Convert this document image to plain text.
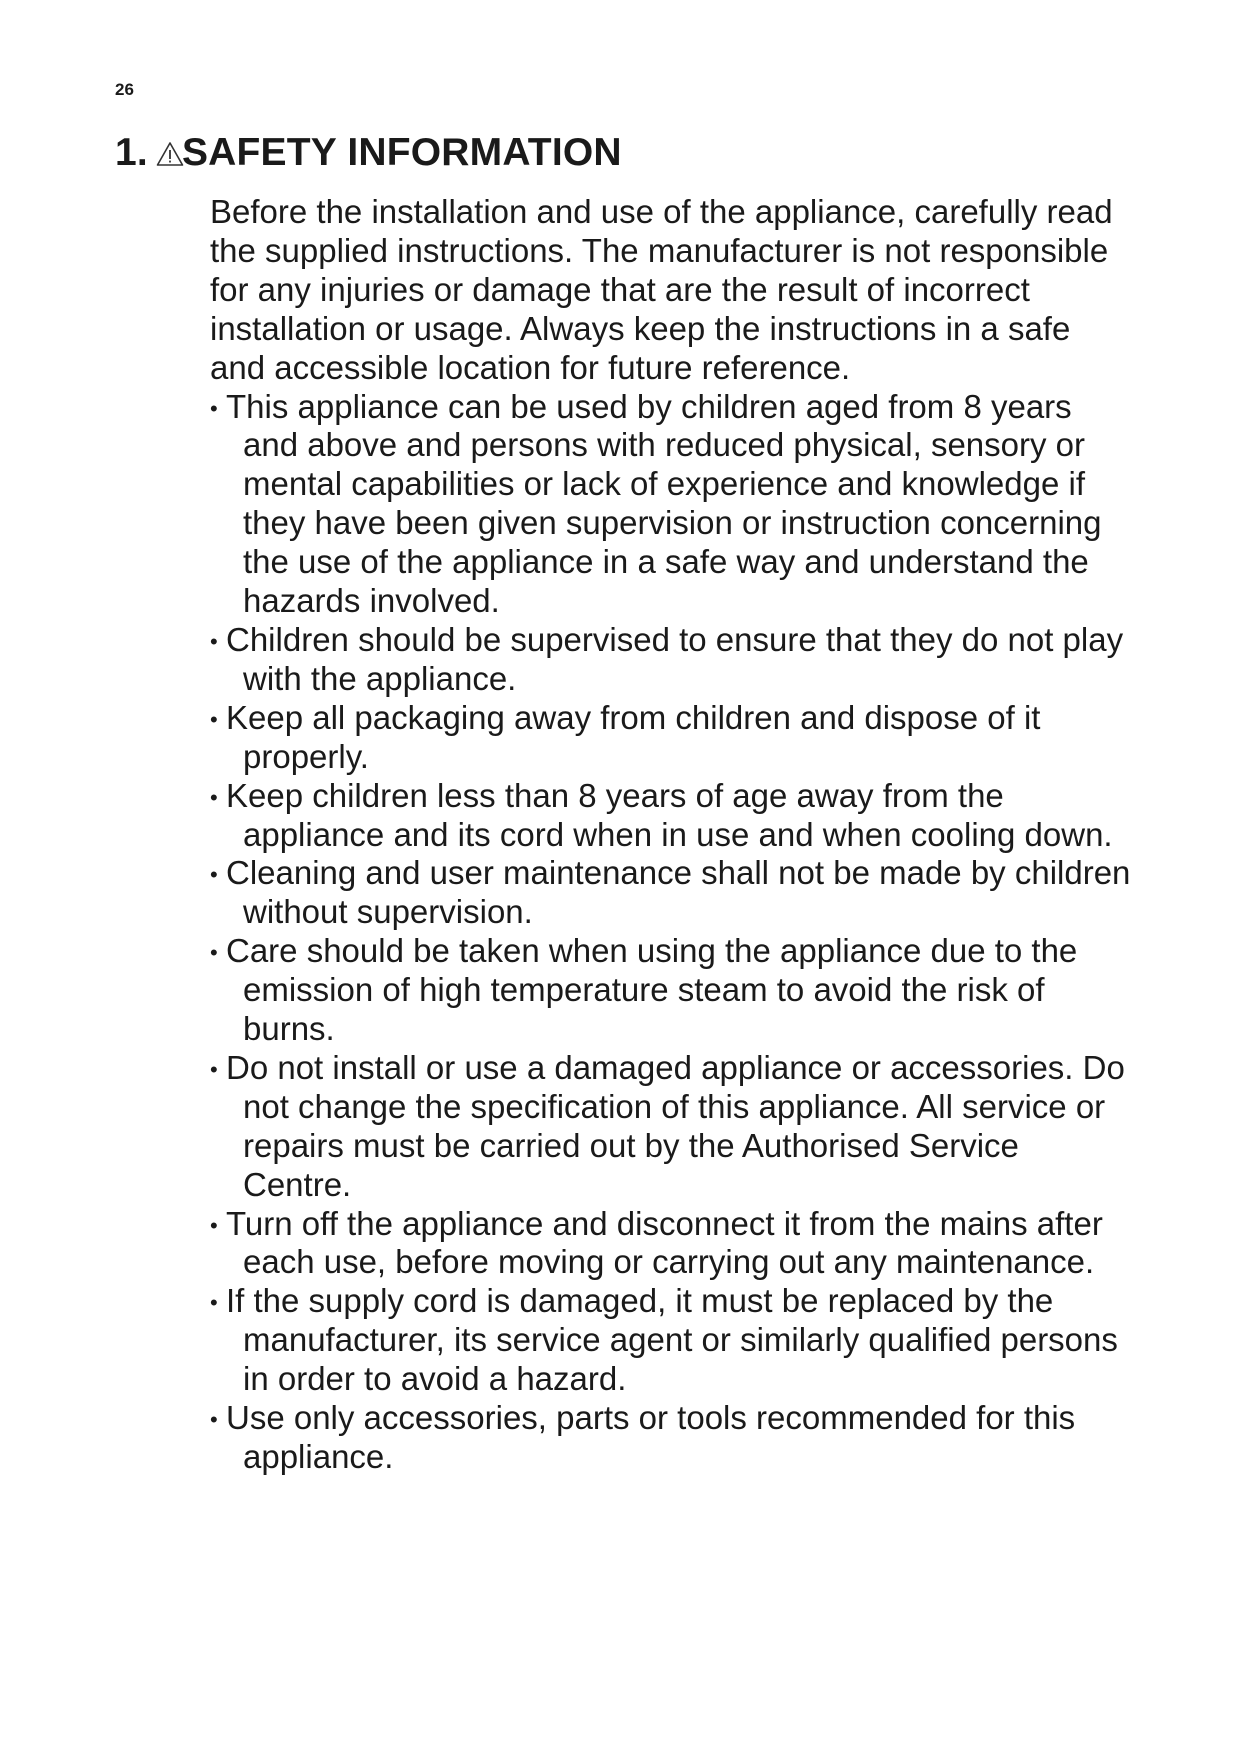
26
1. SAFETY INFORMATION

Before the installation and use of the appliance, carefully read the supplied instructions. The manufacturer is not responsible for any injuries or damage that are the result of incorrect installation or usage. Always keep the instructions in a safe and accessible location for future reference.

• This appliance can be used by children aged from 8 years and above and persons with reduced physical, sensory or mental capabilities or lack of experience and knowledge if they have been given supervision or instruction concerning the use of the appliance in a safe way and understand the hazards involved.
• Children should be supervised to ensure that they do not play with the appliance.
• Keep all packaging away from children and dispose of it properly.
• Keep children less than 8 years of age away from the appliance and its cord when in use and when cooling down.
• Cleaning and user maintenance shall not be made by children without supervision.
• Care should be taken when using the appliance due to the emission of high temperature steam to avoid the risk of burns.
• Do not install or use a damaged appliance or accessories. Do not change the specification of this appliance. All service or repairs must be carried out by the Authorised Service Centre.
• Turn off the appliance and disconnect it from the mains after each use, before moving or carrying out any maintenance.
• If the supply cord is damaged, it must be replaced by the manufacturer, its service agent or similarly qualified persons in order to avoid a hazard.
• Use only accessories, parts or tools recommended for this appliance.
